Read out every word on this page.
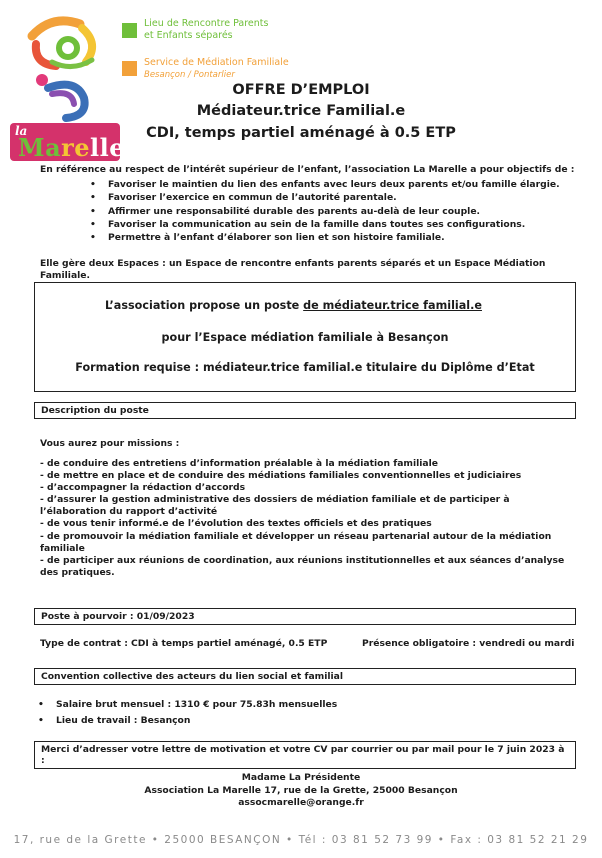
la
Marelle
Lieu de Rencontre Parents
et Enfants séparés
Service de Médiation Familiale
Besançon / Pontarlier
OFFRE D’EMPLOI
Médiateur.trice Familial.e
CDI, temps partiel aménagé à 0.5 ETP
En référence au respect de l’intérêt supérieur de l’enfant, l’association La Marelle a pour objectifs de :
• Favoriser le maintien du lien des enfants avec leurs deux parents et/ou famille élargie.
• Favoriser l’exercice en commun de l’autorité parentale.
• Affirmer une responsabilité durable des parents au-delà de leur couple.
• Favoriser la communication au sein de la famille dans toutes ses configurations.
• Permettre à l’enfant d’élaborer son lien et son histoire familiale.
Elle gère deux Espaces : un Espace de rencontre enfants parents séparés et un Espace Médiation Familiale.
L’association propose un poste de médiateur.trice familial.e
pour l’Espace médiation familiale à Besançon
Formation requise : médiateur.trice familial.e titulaire du Diplôme d’Etat
Description du poste
Vous aurez pour missions :
- de conduire des entretiens d’information préalable à la médiation familiale
- de mettre en place et de conduire des médiations familiales conventionnelles et judiciaires
- d’accompagner la rédaction d’accords
- d’assurer la gestion administrative des dossiers de médiation familiale et de participer à l’élaboration du rapport d’activité
- de vous tenir informé.e de l’évolution des textes officiels et des pratiques
- de promouvoir la médiation familiale et développer un réseau partenarial autour de la médiation familiale
- de participer aux réunions de coordination, aux réunions institutionnelles et aux séances d’analyse des pratiques.
Poste à pourvoir : 01/09/2023
Type de contrat : CDI à temps partiel aménagé, 0.5 ETP	Présence obligatoire : vendredi ou mardi
Convention collective des acteurs du lien social et familial
• Salaire brut mensuel : 1310 € pour 75.83h mensuelles
• Lieu de travail : Besançon
Merci d’adresser votre lettre de motivation et votre CV par courrier ou par mail pour le 7 juin 2023 à :
Madame La Présidente
Association La Marelle 17, rue de la Grette, 25000 Besançon
assocmarelle@orange.fr
17, rue de la Grette • 25000 BESANÇON • Tél : 03 81 52 73 99 • Fax : 03 81 52 21 29
